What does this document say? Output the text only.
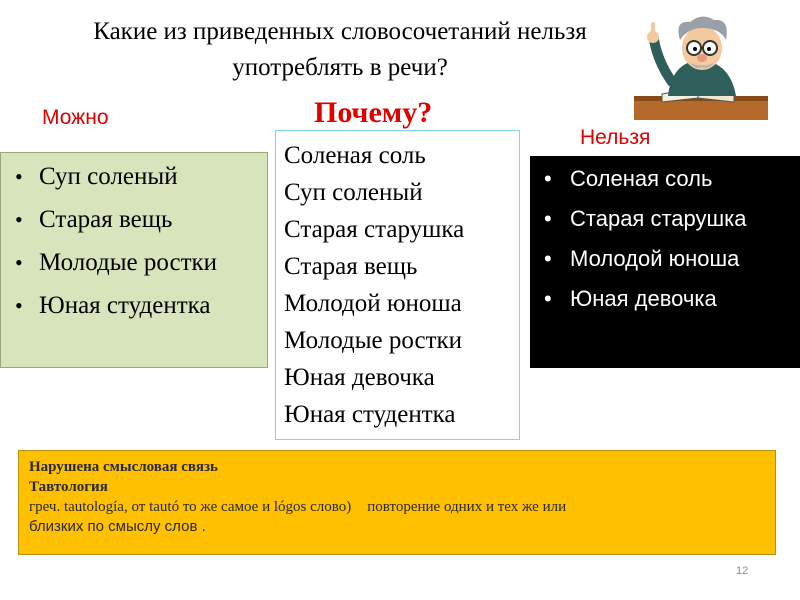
Какие из приведенных словосочетаний нельзя
употреблять в речи?
Можно	Почему?
Нельзя
• Суп соленый
• Старая вещь
• Молодые ростки
• Юная студентка
Соленая соль
Суп соленый
Старая старушка
Старая вещь
Молодой юноша
Молодые ростки
Юная девочка
Юная студентка
• Соленая соль
• Старая старушка
• Молодой юноша
• Юная девочка
Нарушена смысловая связь
Тавтология
греч. tautología, от tautó то же самое и lógos слово) повторение одних и тех же или
близких по смыслу слов .
12
